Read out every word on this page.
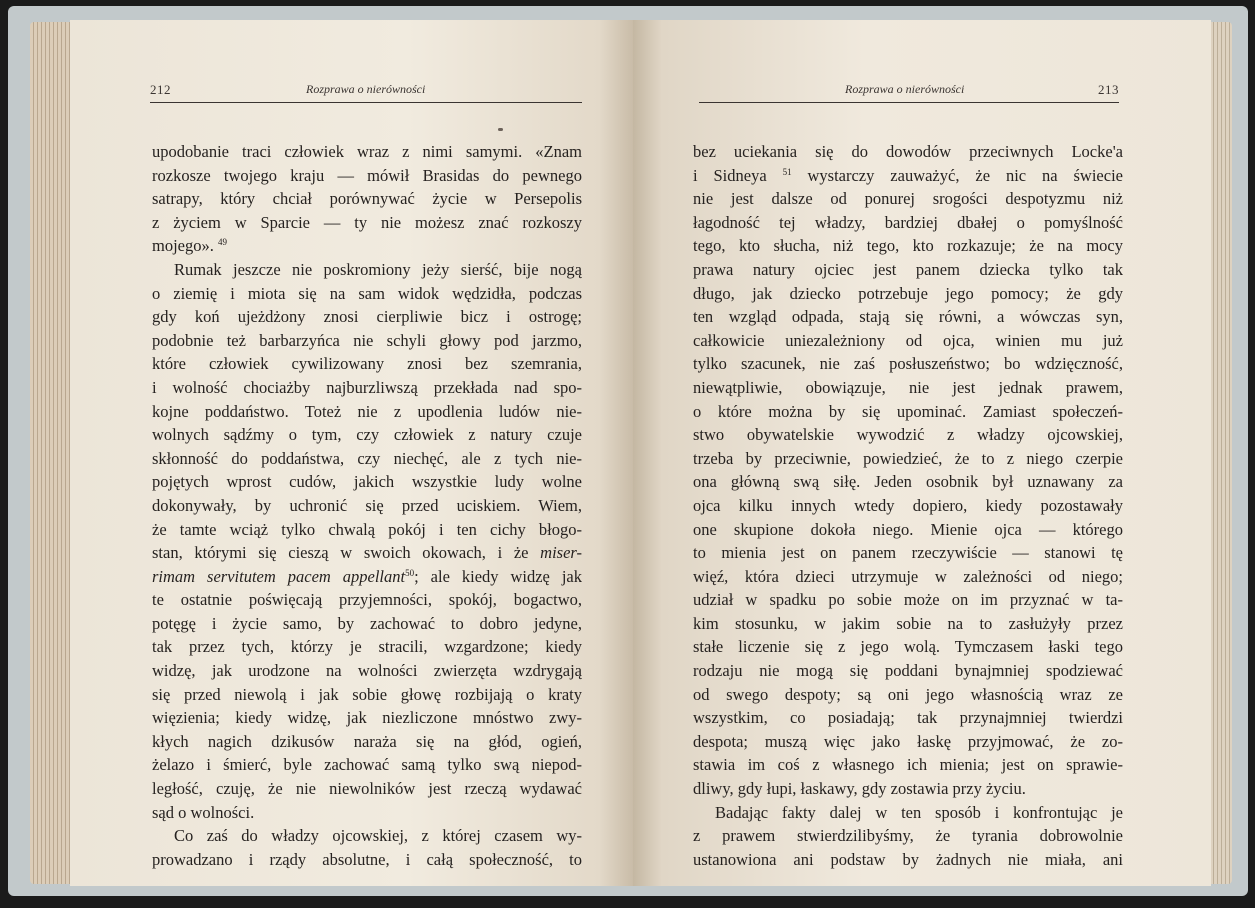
212	Rozprawa o nierówności
upodobanie traci człowiek wraz z nimi samymi. «Znam
rozkosze twojego kraju — mówił Brasidas do pewnego
satrapy, który chciał porównywać życie w Persepolis
z życiem w Sparcie — ty nie możesz znać rozkoszy
mojego». $^{49}$
Rumak jeszcze nie poskromiony jeży sierść, bije nogą
o ziemię i miota się na sam widok wędzidła, podczas
gdy koń ujeżdżony znosi cierpliwie bicz i ostrogę;
podobnie też barbarzyńca nie schyli głowy pod jarzmo,
które człowiek cywilizowany znosi bez szemrania,
i wolność chociażby najburzliwszą przekłada nad spo-
kojne poddaństwo. Toteż nie z upodlenia ludów nie-
wolnych sądźmy o tym, czy człowiek z natury czuje
skłonność do poddaństwa, czy niechęć, ale z tych nie-
pojętych wprost cudów, jakich wszystkie ludy wolne
dokonywały, by uchronić się przed uciskiem. Wiem,
że tamte wciąż tylko chwalą pokój i ten cichy błogo-
stan, którymi się cieszą w swoich okowach, i że miser-
rimam servitutem pacem appellant$^{50}$; ale kiedy widzę jak
te ostatnie poświęcają przyjemności, spokój, bogactwo,
potęgę i życie samo, by zachować to dobro jedyne,
tak przez tych, którzy je stracili, wzgardzone; kiedy
widzę, jak urodzone na wolności zwierzęta wzdrygają
się przed niewolą i jak sobie głowę rozbijają o kraty
więzienia; kiedy widzę, jak niezliczone mnóstwo zwy-
kłych nagich dzikusów naraża się na głód, ogień,
żelazo i śmierć, byle zachować samą tylko swą niepod-
ległość, czuję, że nie niewolników jest rzeczą wydawać
sąd o wolności.
Co zaś do władzy ojcowskiej, z której czasem wy-
prowadzano i rządy absolutne, i całą społeczność, to
Rozprawa o nierówności	213
bez uciekania się do dowodów przeciwnych Locke'a
i Sidneya $^{51}$ wystarczy zauważyć, że nic na świecie
nie jest dalsze od ponurej srogości despotyzmu niż
łagodność tej władzy, bardziej dbałej o pomyślność
tego, kto słucha, niż tego, kto rozkazuje; że na mocy
prawa natury ojciec jest panem dziecka tylko tak
długo, jak dziecko potrzebuje jego pomocy; że gdy
ten wzgląd odpada, stają się równi, a wówczas syn,
całkowicie uniezależniony od ojca, winien mu już
tylko szacunek, nie zaś posłuszeństwo; bo wdzięczność,
niewątpliwie, obowiązuje, nie jest jednak prawem,
o które można by się upominać. Zamiast społeczeń-
stwo obywatelskie wywodzić z władzy ojcowskiej,
trzeba by przeciwnie, powiedzieć, że to z niego czerpie
ona główną swą siłę. Jeden osobnik był uznawany za
ojca kilku innych wtedy dopiero, kiedy pozostawały
one skupione dokoła niego. Mienie ojca — którego
to mienia jest on panem rzeczywiście — stanowi tę
więź, która dzieci utrzymuje w zależności od niego;
udział w spadku po sobie może on im przyznać w ta-
kim stosunku, w jakim sobie na to zasłużyły przez
stałe liczenie się z jego wolą. Tymczasem łaski tego
rodzaju nie mogą się poddani bynajmniej spodziewać
od swego despoty; są oni jego własnością wraz ze
wszystkim, co posiadają; tak przynajmniej twierdzi
despota; muszą więc jako łaskę przyjmować, że zo-
stawia im coś z własnego ich mienia; jest on sprawie-
dliwy, gdy łupi, łaskawy, gdy zostawia przy życiu.
Badając fakty dalej w ten sposób i konfrontując je
z prawem stwierdzilibyśmy, że tyrania dobrowolnie
ustanowiona ani podstaw by żadnych nie miała, ani
